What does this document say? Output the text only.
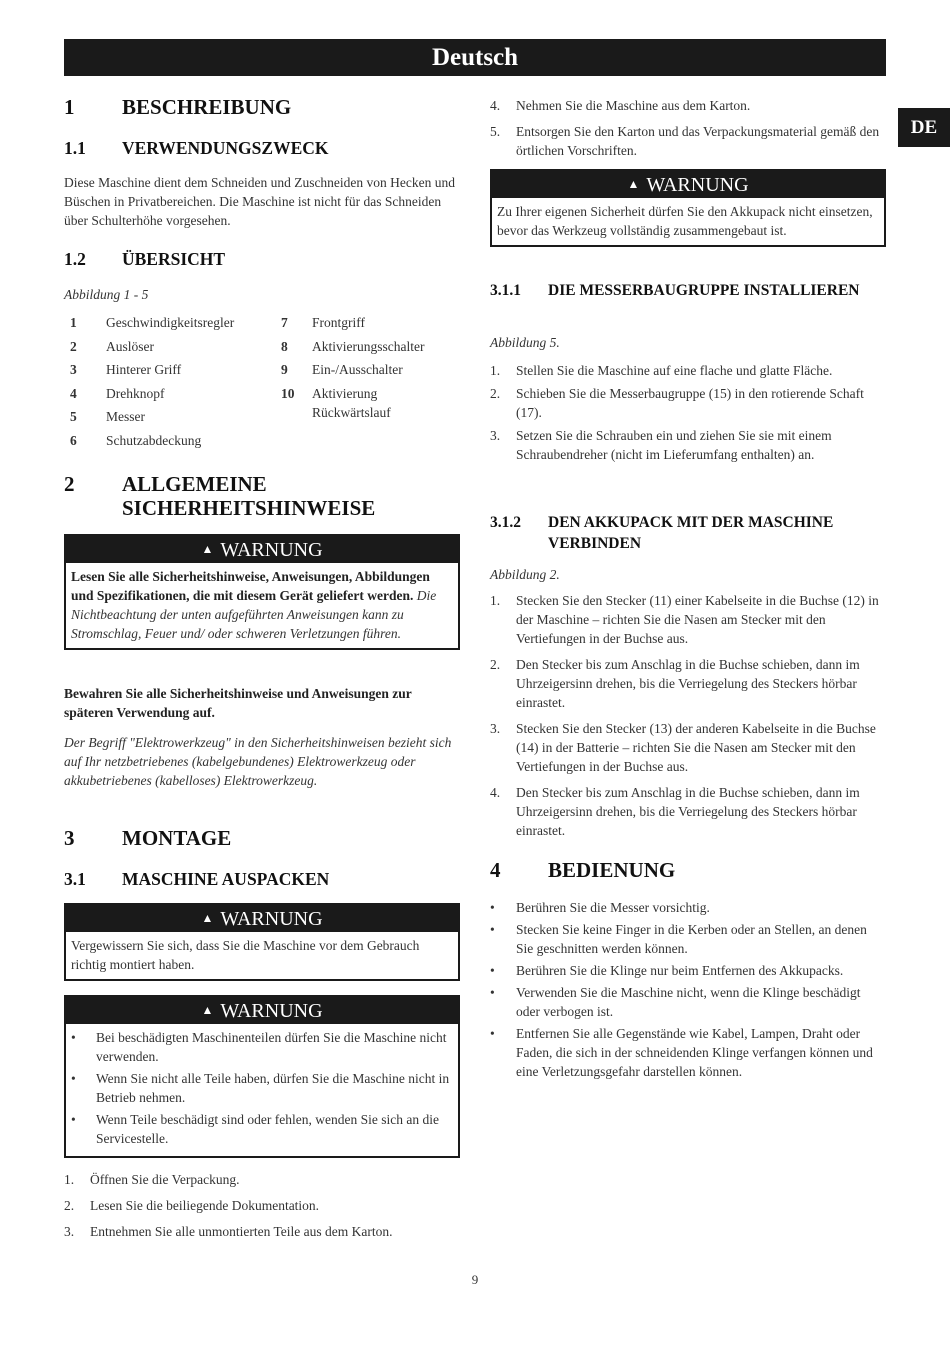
Deutsch
DE
1	BESCHREIBUNG
1.1	VERWENDUNGSZWECK
Diese Maschine dient dem Schneiden und Zuschneiden von Hecken und Büschen in Privatbereichen. Die Maschine ist nicht für das Schneiden über Schulterhöhe vorgesehen.
1.2	ÜBERSICHT
Abbildung 1 - 5
1	Geschwindigkeitsregler
2	Auslöser
3	Hinterer Griff
4	Drehknopf
5	Messer
6	Schutzabdeckung
7	Frontgriff
8	Aktivierungsschalter
9	Ein-/Ausschalter
10	Aktivierung Rückwärtslauf
2	ALLGEMEINE SICHERHEITSHINWEISE
▲ WARNUNG
Lesen Sie alle Sicherheitshinweise, Anweisungen, Abbildungen und Spezifikationen, die mit diesem Gerät geliefert werden. Die Nichtbeachtung der unten aufgeführten Anweisungen kann zu Stromschlag, Feuer und/ oder schweren Verletzungen führen.
Bewahren Sie alle Sicherheitshinweise und Anweisungen zur späteren Verwendung auf.
Der Begriff "Elektrowerkzeug" in den Sicherheitshinweisen bezieht sich auf Ihr netzbetriebenes (kabelgebundenes) Elektrowerkzeug oder akkubetriebenes (kabelloses) Elektrowerkzeug.
3	MONTAGE
3.1	MASCHINE AUSPACKEN
▲ WARNUNG
Vergewissern Sie sich, dass Sie die Maschine vor dem Gebrauch richtig montiert haben.
▲ WARNUNG
• Bei beschädigten Maschinenteilen dürfen Sie die Maschine nicht verwenden.
• Wenn Sie nicht alle Teile haben, dürfen Sie die Maschine nicht in Betrieb nehmen.
• Wenn Teile beschädigt sind oder fehlen, wenden Sie sich an die Servicestelle.
1. Öffnen Sie die Verpackung.
2. Lesen Sie die beiliegende Dokumentation.
3. Entnehmen Sie alle unmontierten Teile aus dem Karton.
4. Nehmen Sie die Maschine aus dem Karton.
5. Entsorgen Sie den Karton und das Verpackungsmaterial gemäß den örtlichen Vorschriften.
▲ WARNUNG
Zu Ihrer eigenen Sicherheit dürfen Sie den Akkupack nicht einsetzen, bevor das Werkzeug vollständig zusammengebaut ist.
3.1.1	DIE MESSERBAUGRUPPE INSTALLIEREN
Abbildung 5.
1. Stellen Sie die Maschine auf eine flache und glatte Fläche.
2. Schieben Sie die Messerbaugruppe (15) in den rotierende Schaft (17).
3. Setzen Sie die Schrauben ein und ziehen Sie sie mit einem Schraubendreher (nicht im Lieferumfang enthalten) an.
3.1.2	DEN AKKUPACK MIT DER MASCHINE VERBINDEN
Abbildung 2.
1. Stecken Sie den Stecker (11) einer Kabelseite in die Buchse (12) in der Maschine – richten Sie die Nasen am Stecker mit den Vertiefungen in der Buchse aus.
2. Den Stecker bis zum Anschlag in die Buchse schieben, dann im Uhrzeigersinn drehen, bis die Verriegelung des Steckers hörbar einrastet.
3. Stecken Sie den Stecker (13) der anderen Kabelseite in die Buchse (14) in der Batterie – richten Sie die Nasen am Stecker mit den Vertiefungen in der Buchse aus.
4. Den Stecker bis zum Anschlag in die Buchse schieben, dann im Uhrzeigersinn drehen, bis die Verriegelung des Steckers hörbar einrastet.
4	BEDIENUNG
• Berühren Sie die Messer vorsichtig.
• Stecken Sie keine Finger in die Kerben oder an Stellen, an denen Sie geschnitten werden können.
• Berühren Sie die Klinge nur beim Entfernen des Akkupacks.
• Verwenden Sie die Maschine nicht, wenn die Klinge beschädigt oder verbogen ist.
• Entfernen Sie alle Gegenstände wie Kabel, Lampen, Draht oder Faden, die sich in der schneidenden Klinge verfangen können und eine Verletzungsgefahr darstellen können.
9
